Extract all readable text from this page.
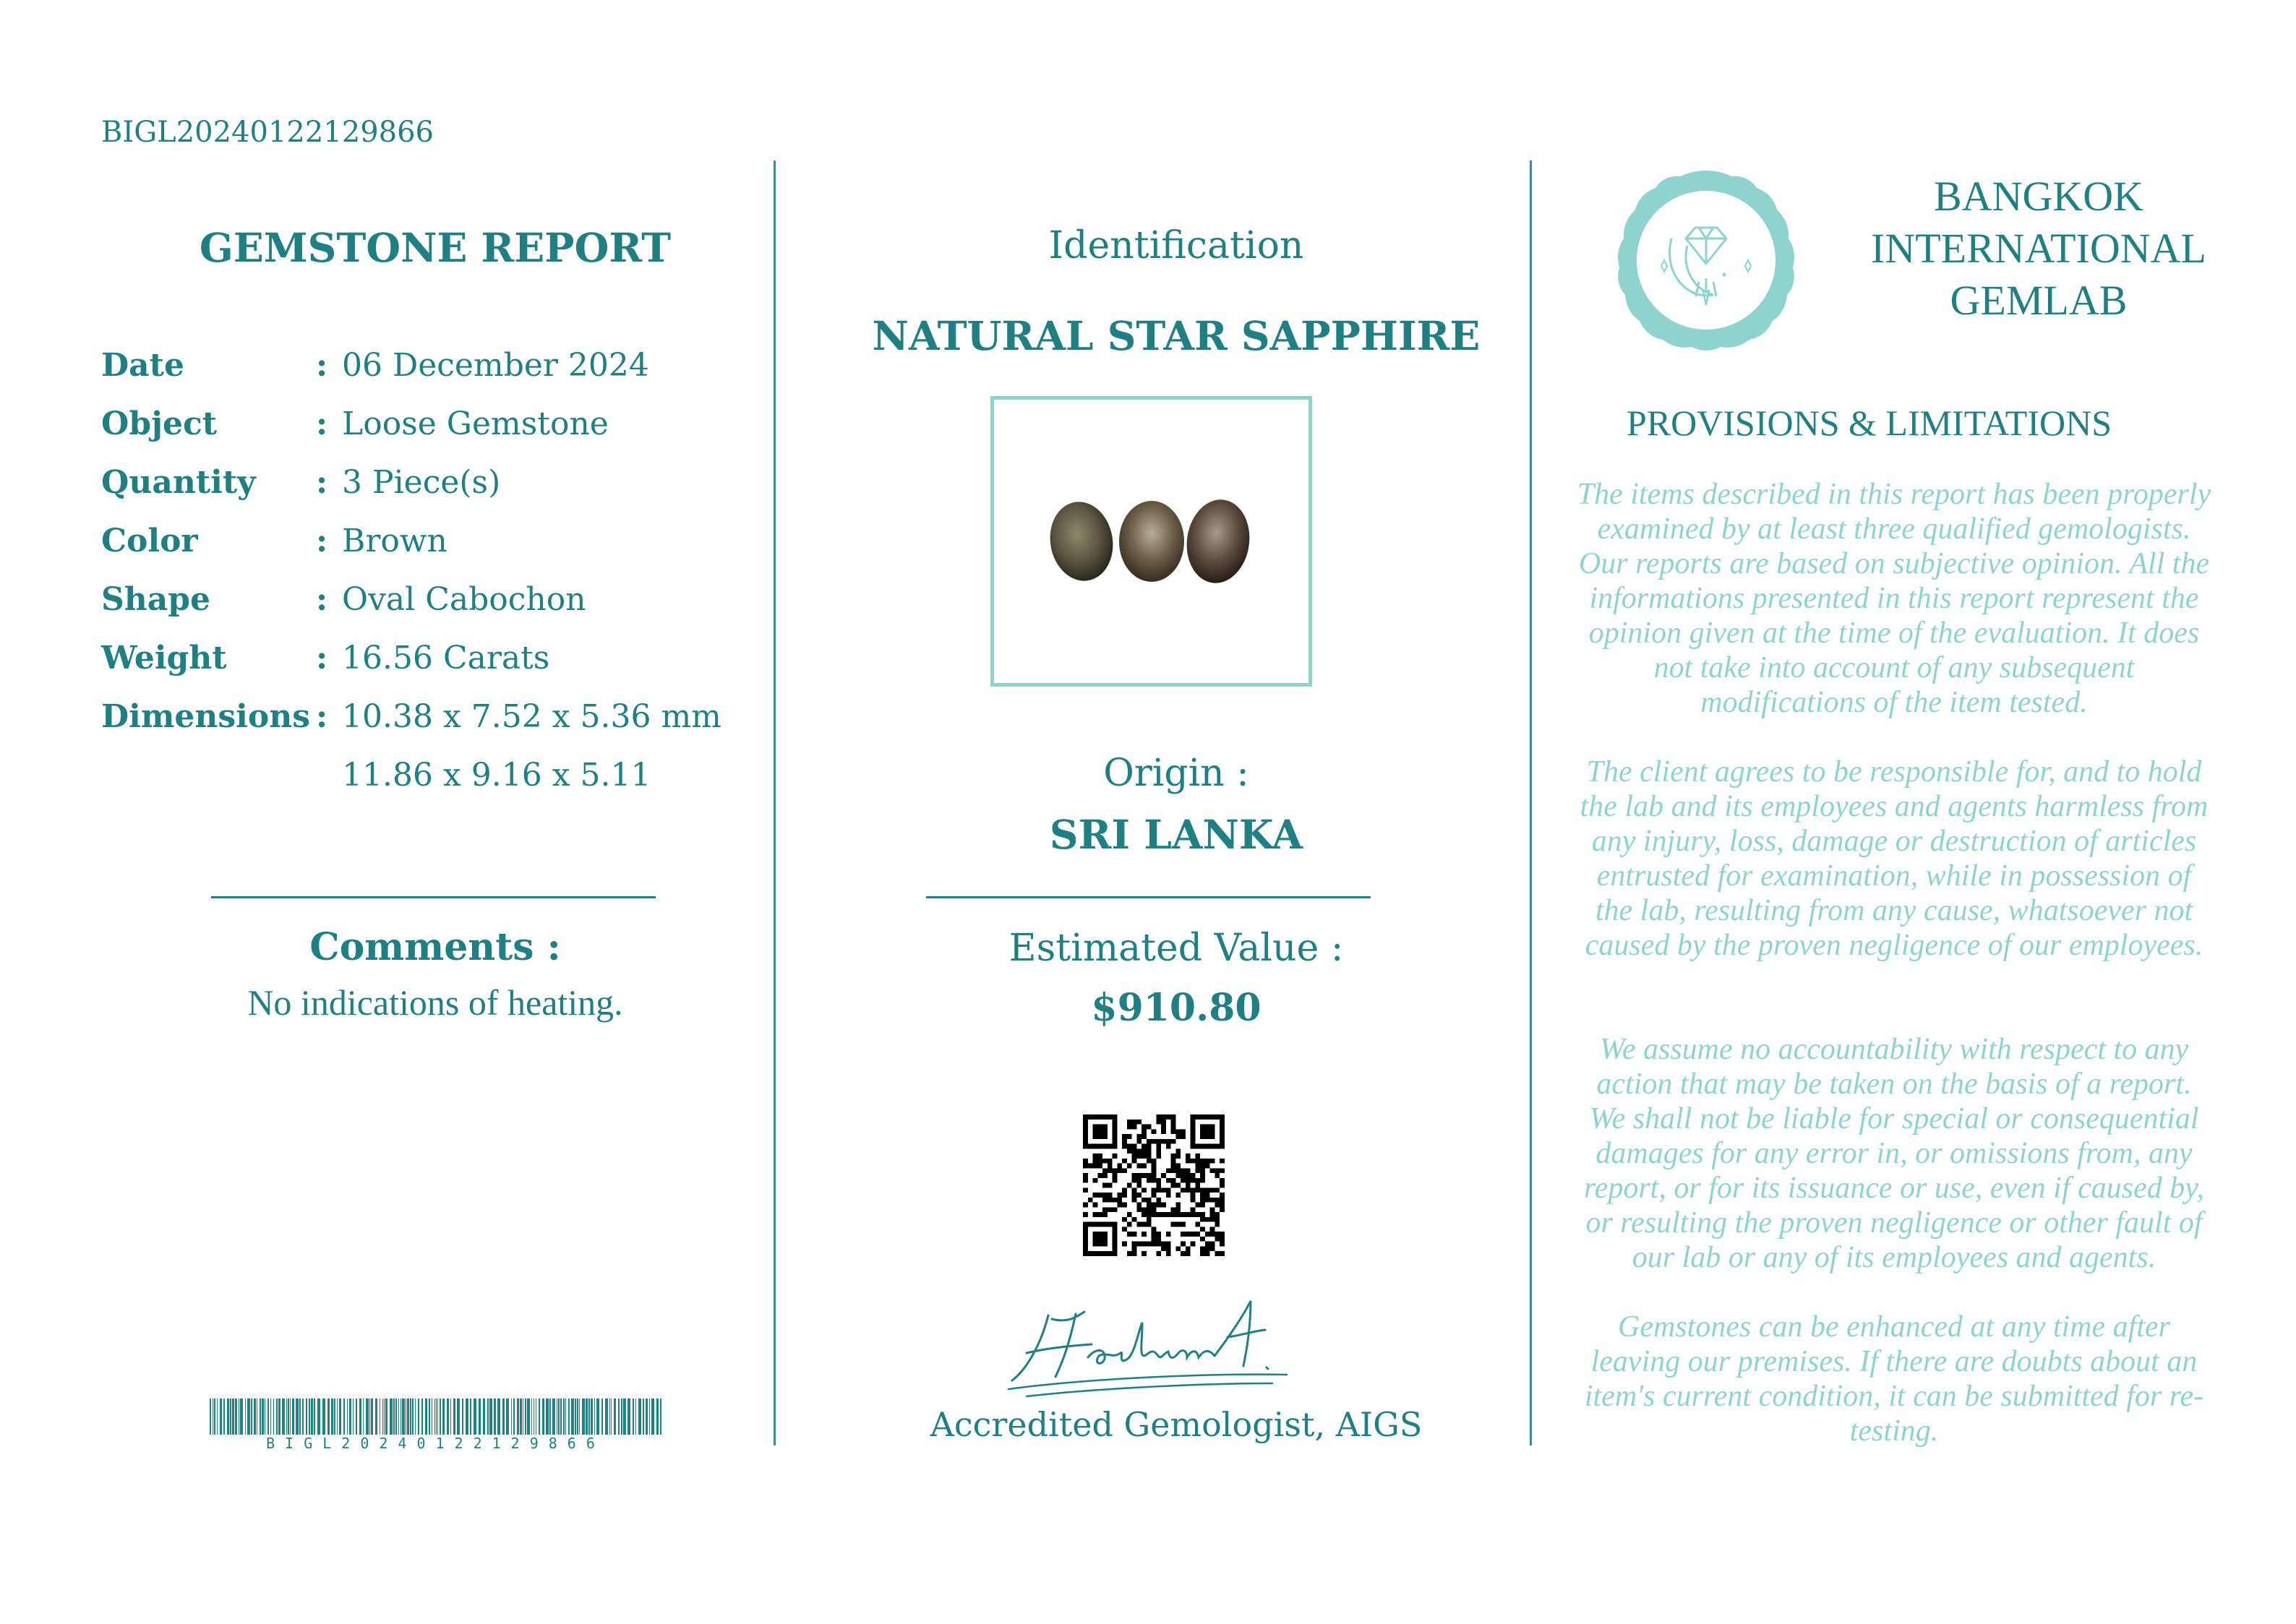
BIGL20240122129866
GEMSTONE REPORT
Date	: 06 December 2024
Object	: Loose Gemstone
Quantity : 3 Piece(s)
Color	: Brown
Shape	: Oval Cabochon
Weight	: 16.56 Carats
Dimensions : 10.38 x 7.52 x 5.36 mm
11.86 x 9.16 x 5.11
Comments :
No indications of heating.
BIGL20240122129866
Identification
NATURAL STAR SAPPHIRE
Origin :
SRI LANKA
Estimated Value :
$910.80
Accredited Gemologist, AIGS
BANGKOK
INTERNATIONAL
GEMLAB
PROVISIONS & LIMITATIONS
The items described in this report has been properly examined by at least three qualified gemologists. Our reports are based on subjective opinion. All the informations presented in this report represent the opinion given at the time of the evaluation. It does not take into account of any subsequent modifications of the item tested.
The client agrees to be responsible for, and to hold the lab and its employees and agents harmless from any injury, loss, damage or destruction of articles entrusted for examination, while in possession of the lab, resulting from any cause, whatsoever not caused by the proven negligence of our employees.
We assume no accountability with respect to any action that may be taken on the basis of a report. We shall not be liable for special or consequential damages for any error in, or omissions from, any report, or for its issuance or use, even if caused by, or resulting the proven negligence or other fault of our lab or any of its employees and agents.
Gemstones can be enhanced at any time after leaving our premises. If there are doubts about an item's current condition, it can be submitted for re-testing.
